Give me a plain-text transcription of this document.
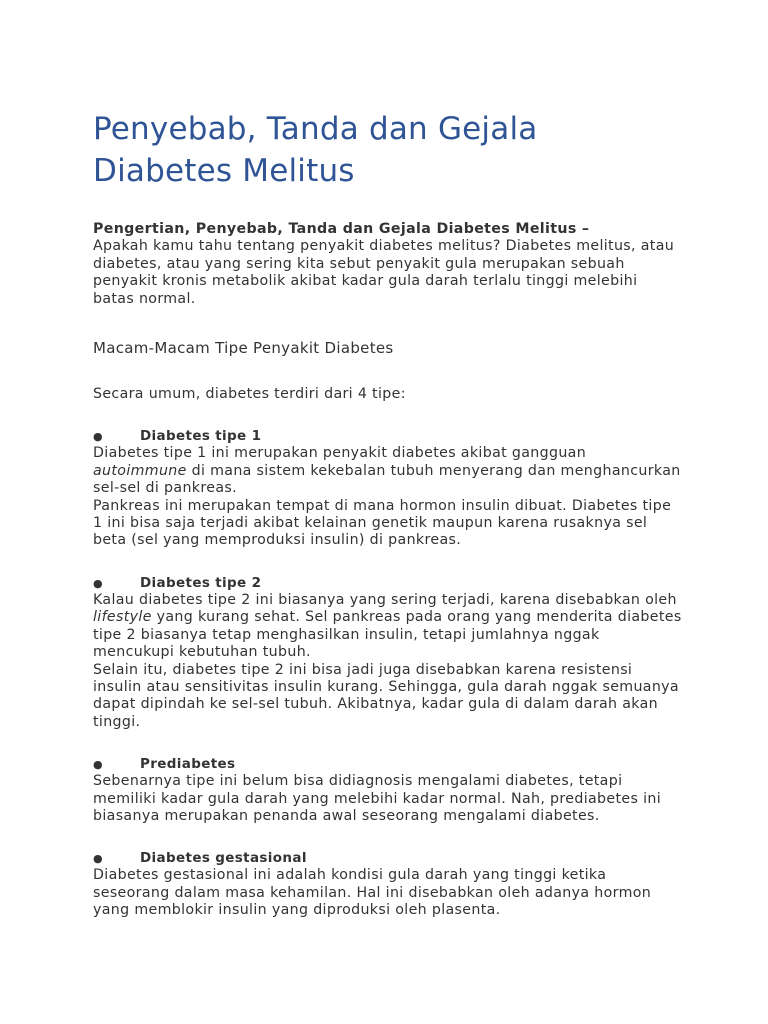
Penyebab, Tanda dan Gejala Diabetes Melitus

Pengertian, Penyebab, Tanda dan Gejala Diabetes Melitus –
Apakah kamu tahu tentang penyakit diabetes melitus? Diabetes melitus, atau diabetes, atau yang sering kita sebut penyakit gula merupakan sebuah penyakit kronis metabolik akibat kadar gula darah terlalu tinggi melebihi batas normal.

Macam-Macam Tipe Penyakit Diabetes

Secara umum, diabetes terdiri dari 4 tipe:

●	Diabetes tipe 1

Diabetes tipe 1 ini merupakan penyakit diabetes akibat gangguan autoimmune di mana sistem kekebalan tubuh menyerang dan menghancurkan sel-sel di pankreas.

Pankreas ini merupakan tempat di mana hormon insulin dibuat. Diabetes tipe 1 ini bisa saja terjadi akibat kelainan genetik maupun karena rusaknya sel beta (sel yang memproduksi insulin) di pankreas.

●	Diabetes tipe 2

Kalau diabetes tipe 2 ini biasanya yang sering terjadi, karena disebabkan oleh lifestyle yang kurang sehat. Sel pankreas pada orang yang menderita diabetes tipe 2 biasanya tetap menghasilkan insulin, tetapi jumlahnya nggak mencukupi kebutuhan tubuh.

Selain itu, diabetes tipe 2 ini bisa jadi juga disebabkan karena resistensi insulin atau sensitivitas insulin kurang. Sehingga, gula darah nggak semuanya dapat dipindah ke sel-sel tubuh. Akibatnya, kadar gula di dalam darah akan tinggi.

●	Prediabetes

Sebenarnya tipe ini belum bisa didiagnosis mengalami diabetes, tetapi memiliki kadar gula darah yang melebihi kadar normal. Nah, prediabetes ini biasanya merupakan penanda awal seseorang mengalami diabetes.

●	Diabetes gestasional

Diabetes gestasional ini adalah kondisi gula darah yang tinggi ketika seseorang dalam masa kehamilan. Hal ini disebabkan oleh adanya hormon yang memblokir insulin yang diproduksi oleh plasenta.
